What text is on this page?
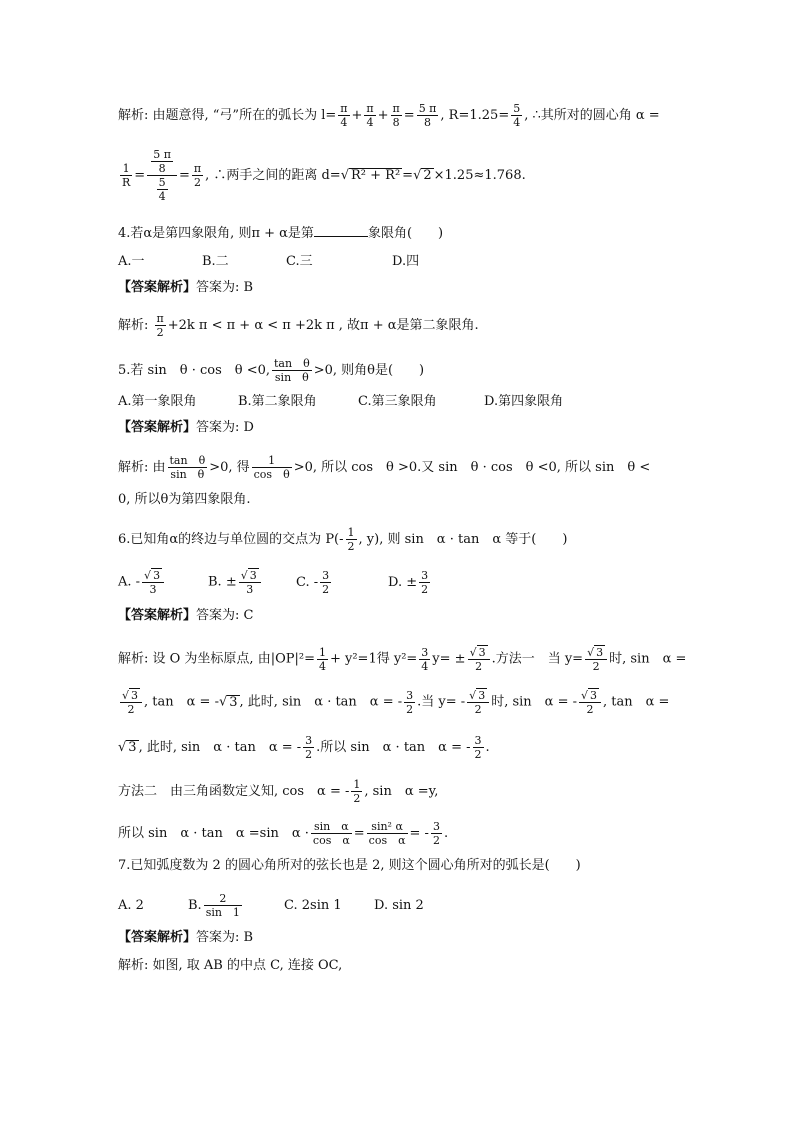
解析: 由题意得, “弓”所在的弧长为 $l= \frac{\pi}{4} + \frac{\pi}{4} + \frac{\pi}{8} = \frac{5 \pi}{8}$ , $R=1.25= \frac{5}{4}$ , ∴其所对的圆心角 α =
$\frac{1}{R} = \frac{\frac{5 \pi}{8}}{\frac{5}{4}} = \frac{\pi}{2}$ , ∴两手之间的距离 d=√ R² + R² =√ 2 ×1.25≈1.768.
4.若α是第四象限角, 则π + α是第	象限角(　　)
A.一	B.二	C.三	D.四
【答案解析】答案为: B
解析: $\frac{\pi}{2} +2k$ π < π + α < π +2k π , 故π + α是第二象限角.
5.若 sin　θ · cos　θ <0, $\frac{\text{tan　θ}}{\text{sin　θ}} >0$, 则角θ是(　　)
A.第一象限角	B.第二象限角	C.第三象限角	D.第四象限角
【答案解析】答案为: D
解析: 由 $\frac{\text{tan　θ}}{\text{sin　θ}} >0$, 得 $\frac{1}{\text{cos　θ}} >0$, 所以 cos　θ >0.又 sin　θ · cos　θ <0, 所以 sin　θ <
0, 所以θ为第四象限角.
6.已知角α的终边与单位圆的交点为 $P(- \frac{1}{2}$ , y), 则 sin　α · tan　α 等于(　　)
A. - $\frac{√ 3}{3}$	B. ± $\frac{√ 3}{3}$	C. - $\frac{3}{2}$	D. ± $\frac{3}{2}$
【答案解析】答案为: C
解析: 设 O 为坐标原点, 由$|OP|^2= \frac{1}{4} + y^2=1$得 $y^2= \frac{3}{4} y= \pm \frac{√ 3}{2}$ .方法一　当 $y= \frac{√ 3}{2}$ 时, sin　α =
$\frac{√ 3}{2}$ , tan　α = -√ 3 , 此时, sin　α · tan　α = - $\frac{3}{2}$ .当 $y= - \frac{√ 3}{2}$ 时, sin　α = - $\frac{√ 3}{2}$ , tan　α =
√ 3 , 此时, sin　α · tan　α = - $\frac{3}{2}$ .所以 sin　α · tan　α = - $\frac{3}{2}$ .
方法二　由三角函数定义知, cos　α = - $\frac{1}{2}$ , sin　α =y,
所以 sin　α · tan　α =sin　$\alpha \cdot \frac{\text{sin　α}}{\text{cos　α}} = \frac{\text{sin² α}}{\text{cos　α}}$ = - $\frac{3}{2}$ .
7.已知弧度数为 2 的圆心角所对的弦长也是 2, 则这个圆心角所对的弧长是(　　)
A. 2	B. $\frac{2}{\sin 1}$	C. 2sin 1 D. sin 2
【答案解析】答案为: B
解析: 如图, 取 AB 的中点 C, 连接 OC,
